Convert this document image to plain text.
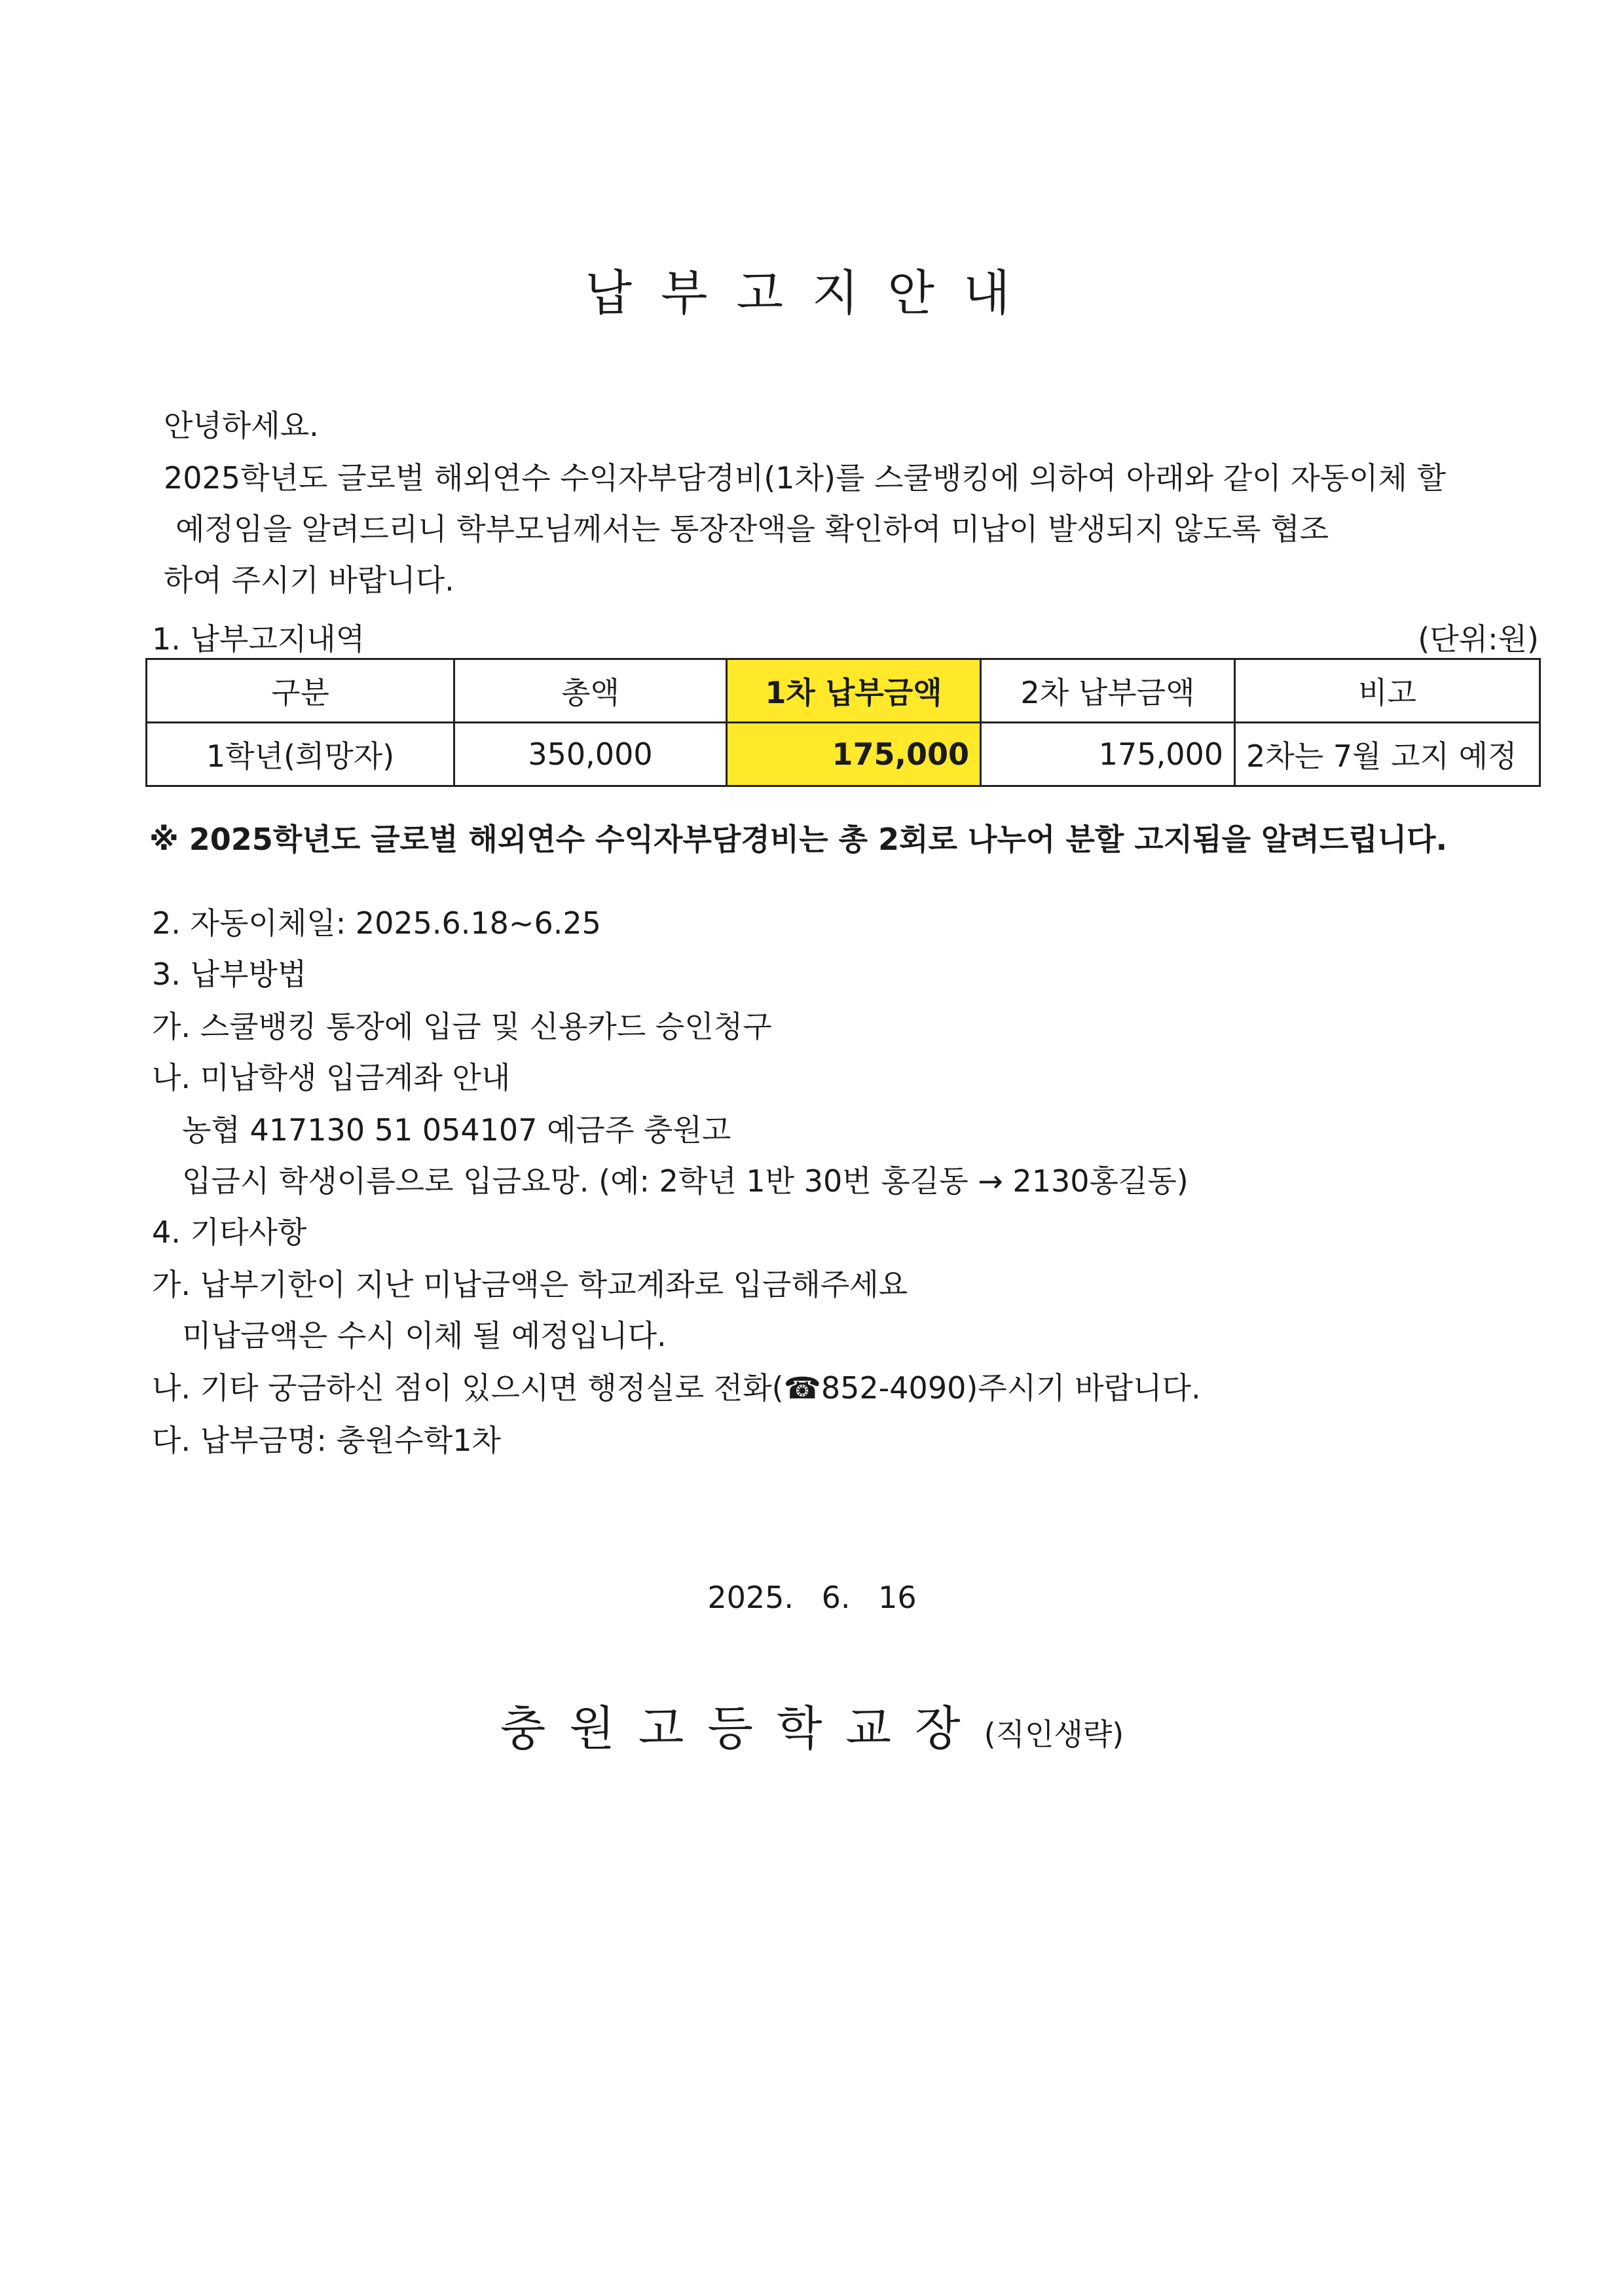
납부고지안내
안녕하세요.
2025학년도 글로벌 해외연수 수익자부담경비(1차)를 스쿨뱅킹에 의하여 아래와 같이 자동이체 할
예정임을 알려드리니 학부모님께서는 통장잔액을 확인하여 미납이 발생되지 않도록 협조
하여 주시기 바랍니다.
1. 납부고지내역	(단위:원)
구분	총액	1차 납부금액	2차 납부금액	비고
1학년(희망자)	350,000	175,000	175,000	2차는 7월 고지 예정
※ 2025학년도 글로벌 해외연수 수익자부담경비는 총 2회로 나누어 분할 고지됨을 알려드립니다.
2. 자동이체일: 2025.6.18~6.25
3. 납부방법
가. 스쿨뱅킹 통장에 입금 및 신용카드 승인청구
나. 미납학생 입금계좌 안내
농협 417130 51 054107 예금주 충원고
입금시 학생이름으로 입금요망. (예: 2학년 1반 30번 홍길동 → 2130홍길동)
4. 기타사항
가. 납부기한이 지난 미납금액은 학교계좌로 입금해주세요
미납금액은 수시 이체 될 예정입니다.
나. 기타 궁금하신 점이 있으시면 행정실로 전화(☎852-4090)주시기 바랍니다.
다. 납부금명: 충원수학1차
2025. 6. 16
충원고등학교장(직인생략)
